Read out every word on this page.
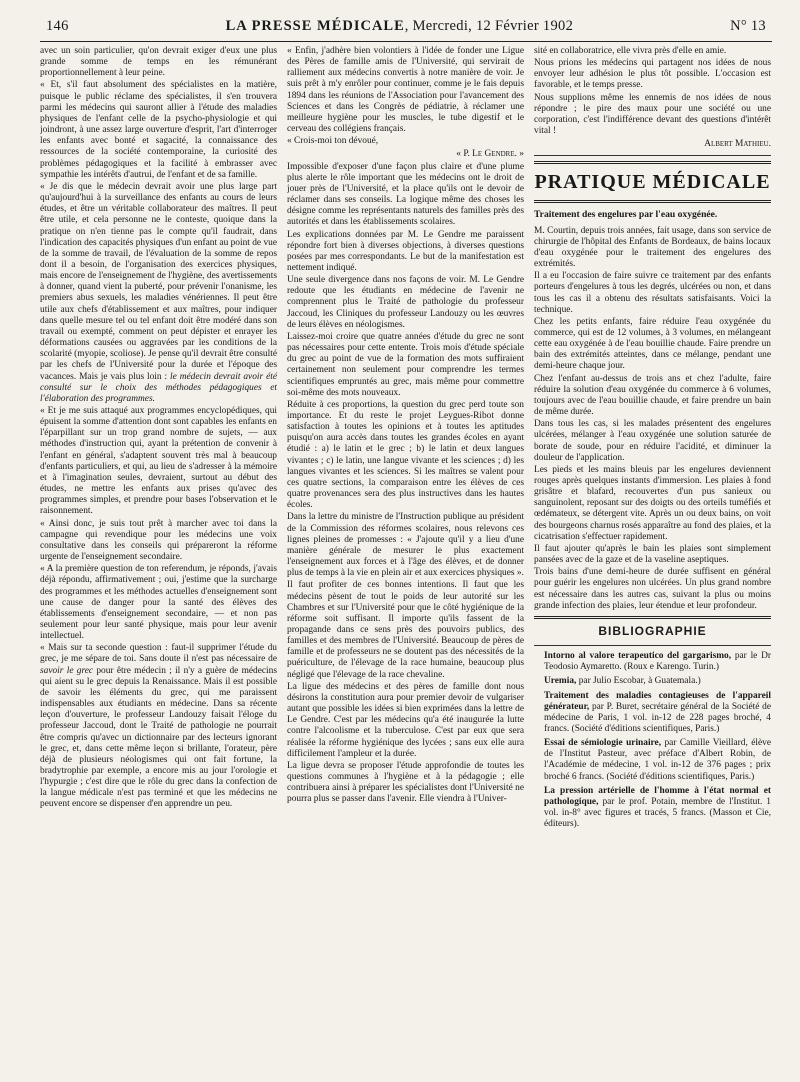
146	LA PRESSE MÉDICALE, Mercredi, 12 Février 1902	N° 13

avec un soin particulier, qu'on devrait exiger d'eux une plus grande somme de temps en les rémunérant proportionnellement à leur peine.

« Et, s'il faut absolument des spécialistes en la matière, puisque le public réclame des spécialistes, il s'en trouvera parmi les médecins qui sauront allier à l'étude des maladies physiques de l'enfant celle de la psycho-physiologie et qui joindront, à une assez large ouverture d'esprit, l'art d'interroger les enfants avec bonté et sagacité, la connaissance des ressources de la société contemporaine, la curiosité des problèmes pédagogiques et la facilité à embrasser avec sympathie les intérêts d'autrui, de l'enfant et de sa famille.

« Je dis que le médecin devrait avoir une plus large part qu'aujourd'hui à la surveillance des enfants au cours de leurs études, et être un véritable collaborateur des maîtres. Il peut être utile, et cela personne ne le conteste, quoique dans la pratique on n'en tienne pas le compte qu'il faudrait, dans l'indication des capacités physiques d'un enfant au point de vue de la somme de travail, de l'évaluation de la somme de repos dont il a besoin, de l'organisation des exercices physiques, mais encore de l'enseignement de l'hygiène, des avertissements à donner, quand vient la puberté, pour prévenir l'onanisme, les premiers abus sexuels, les maladies vénériennes. Il peut être utile aux chefs d'établissement et aux maîtres, pour indiquer dans quelle mesure tel ou tel enfant doit être modéré dans son travail ou exempté, comment on peut dépister et enrayer les déformations causées ou aggravées par les conditions de la scolarité (myopie, scoliose). Je pense qu'il devrait être consulté par les chefs de l'Université pour la durée et l'époque des vacances. Mais je vais plus loin : le médecin devrait avoir été consulté sur le choix des méthodes pédagogiques et l'élaboration des programmes.

« Et je me suis attaqué aux programmes encyclopédiques, qui épuisent la somme d'attention dont sont capables les enfants en l'éparpillant sur un trop grand nombre de sujets, — aux méthodes d'instruction qui, ayant la prétention de convenir à l'enfant en général, s'adaptent souvent très mal à beaucoup d'enfants particuliers, et qui, au lieu de s'adresser à la mémoire et à l'imagination seules, devraient, surtout au début des études, ne mettre les enfants aux prises qu'avec des programmes simples, et prendre pour bases l'observation et le raisonnement.

« Ainsi donc, je suis tout prêt à marcher avec toi dans la campagne qui revendique pour les médecins une voix consultative dans les conseils qui prépareront la réforme urgente de l'enseignement secondaire.

« A la première question de ton referendum, je réponds, j'avais déjà répondu, affirmativement ; oui, j'estime que la surcharge des programmes et les méthodes actuelles d'enseignement sont une cause de danger pour la santé des élèves des établissements d'enseignement secondaire, — et non pas seulement pour leur santé physique, mais pour leur avenir intellectuel.

« Mais sur ta seconde question : faut-il supprimer l'étude du grec, je me sépare de toi. Sans doute il n'est pas nécessaire de savoir le grec pour être médecin ; il n'y a guère de médecins qui aient su le grec depuis la Renaissance. Mais il est possible de savoir les éléments du grec, qui me paraissent indispensables aux étudiants en médecine. Dans sa récente leçon d'ouverture, le professeur Landouzy faisait l'éloge du professeur Jaccoud, dont le Traité de pathologie ne pourrait être compris qu'avec un dictionnaire par des lecteurs ignorant le grec, et, dans cette même leçon si brillante, l'orateur, père déjà de plusieurs néologismes qui ont fait fortune, la bradytrophie par exemple, a encore mis au jour l'orologie et l'hypurgie ; c'est dire que le rôle du grec dans la confection de la langue médicale n'est pas terminé et que les médecins ne peuvent encore se dispenser d'en apprendre un peu.

« Enfin, j'adhère bien volontiers à l'idée de fonder une Ligue des Pères de famille amis de l'Université, qui servirait de ralliement aux médecins convertis à notre manière de voir. Je suis prêt à m'y enrôler pour continuer, comme je le fais depuis 1894 dans les réunions de l'Association pour l'avancement des Sciences et dans les Congrès de pédiatrie, à réclamer une meilleure hygiène pour les muscles, le tube digestif et le cerveau des collégiens français.

« Crois-moi ton dévoué,

« P. Le Gendre. »

Impossible d'exposer d'une façon plus claire et d'une plume plus alerte le rôle important que les médecins ont le droit de jouer près de l'Université, et la place qu'ils ont le devoir de réclamer dans ses conseils. La logique même des choses les désigne comme les représentants naturels des familles près des autorités et dans les établissements scolaires.

Les explications données par M. Le Gendre me paraissent répondre fort bien à diverses objections, à diverses questions posées par mes correspondants. Le but de la manifestation est nettement indiqué.

Une seule divergence dans nos façons de voir. M. Le Gendre redoute que les étudiants en médecine de l'avenir ne comprennent plus le Traité de pathologie du professeur Jaccoud, les Cliniques du professeur Landouzy ou les œuvres de leurs élèves en néologismes.

Laissez-moi croire que quatre années d'étude du grec ne sont pas nécessaires pour cette entente. Trois mois d'étude spéciale du grec au point de vue de la formation des mots suffiraient certainement non seulement pour comprendre les termes scientifiques empruntés au grec, mais même pour commettre soi-même des mots nouveaux.

Réduite à ces proportions, la question du grec perd toute son importance. Et du reste le projet Leygues-Ribot donne satisfaction à toutes les opinions et à toutes les aptitudes puisqu'on aura accès dans toutes les grandes écoles en ayant étudié : a) le latin et le grec ; b) le latin et deux langues vivantes ; c) le latin, une langue vivante et les sciences ; d) les langues vivantes et les sciences. Si les maîtres se valent pour ces quatre sections, la comparaison entre les élèves de ces quatre provenances sera des plus instructives dans les hautes écoles.

Dans la lettre du ministre de l'Instruction publique au président de la Commission des réformes scolaires, nous relevons ces lignes pleines de promesses : « J'ajoute qu'il y a lieu d'une manière générale de mesurer le plus exactement l'enseignement aux forces et à l'âge des élèves, et de donner plus de temps à la vie en plein air et aux exercices physiques ».

Il faut profiter de ces bonnes intentions. Il faut que les médecins pèsent de tout le poids de leur autorité sur les Chambres et sur l'Université pour que le côté hygiénique de la réforme soit suffisant. Il importe qu'ils fassent de la propagande dans ce sens près des pouvoirs publics, des familles et des membres de l'Université. Beaucoup de pères de famille et de professeurs ne se doutent pas des nécessités de la puériculture, de l'élevage de la race humaine, beaucoup plus négligé que l'élevage de la race chevaline.

La ligue des médecins et des pères de famille dont nous désirons la constitution aura pour premier devoir de vulgariser autant que possible les idées si bien exprimées dans la lettre de Le Gendre. C'est par les médecins qu'a été inaugurée la lutte contre l'alcoolisme et la tuberculose. C'est par eux que sera réalisée la réforme hygiénique des lycées ; sans eux elle aura difficilement l'ampleur et la durée.

La ligue devra se proposer l'étude approfondie de toutes les questions communes à l'hygiène et à la pédagogie ; elle contribuera ainsi à préparer les spécialistes dont l'Université ne pourra plus se passer dans l'avenir. Elle viendra à l'Univer-

sité en collaboratrice, elle vivra près d'elle en amie.

Nous prions les médecins qui partagent nos idées de nous envoyer leur adhésion le plus tôt possible. L'occasion est favorable, et le temps presse.

Nous supplions même les ennemis de nos idées de nous répondre ; le pire des maux pour une société ou une corporation, c'est l'indifférence devant des questions d'intérêt vital !

Albert Mathieu.

PRATIQUE MÉDICALE

Traitement des engelures par l'eau oxygénée.

M. Courtin, depuis trois années, fait usage, dans son service de chirurgie de l'hôpital des Enfants de Bordeaux, de bains locaux d'eau oxygénée pour le traitement des engelures des extrémités.

Il a eu l'occasion de faire suivre ce traitement par des enfants porteurs d'engelures à tous les degrés, ulcérées ou non, et dans tous les cas il a obtenu des résultats satisfaisants. Voici la technique.

Chez les petits enfants, faire réduire l'eau oxygénée du commerce, qui est de 12 volumes, à 3 volumes, en mélangeant cette eau oxygénée à de l'eau bouillie chaude. Faire prendre un bain des extrémités atteintes, dans ce mélange, pendant une demi-heure chaque jour.

Chez l'enfant au-dessus de trois ans et chez l'adulte, faire réduire la solution d'eau oxygénée du commerce à 6 volumes, toujours avec de l'eau bouillie chaude, et faire prendre un bain de même durée.

Dans tous les cas, si les malades présentent des engelures ulcérées, mélanger à l'eau oxygénée une solution saturée de borate de soude, pour en réduire l'acidité, et diminuer la douleur de l'application.

Les pieds et les mains bleuis par les engelures deviennent rouges après quelques instants d'immersion. Les plaies à fond grisâtre et blafard, recouvertes d'un pus sanieux ou sanguinolent, reposant sur des doigts ou des orteils tuméfiés et œdémateux, se détergent vite. Après un ou deux bains, on voit des bourgeons charnus rosés apparaître au fond des plaies, et la cicatrisation s'effectuer rapidement.

Il faut ajouter qu'après le bain les plaies sont simplement pansées avec de la gaze et de la vaseline aseptiques.

Trois bains d'une demi-heure de durée suffisent en général pour guérir les engelures non ulcérées. Un plus grand nombre est nécessaire dans les autres cas, suivant la plus ou moins grande infection des plaies, leur étendue et leur profondeur.

BIBLIOGRAPHIE

Intorno al valore terapeutico del gargarismo, par le Dr Teodosio Aymaretto. (Roux e Karengo. Turin.)

Uremia, par Julio Escobar, à Guatemala.)

Traitement des maladies contagieuses de l'appareil générateur, par P. Buret, secrétaire général de la Société de médecine de Paris, 1 vol. in-12 de 228 pages broché, 4 francs. (Société d'éditions scientifiques, Paris.)

Essai de sémiologie urinaire, par Camille Vieillard, élève de l'Institut Pasteur, avec préface d'Albert Robin, de l'Académie de médecine, 1 vol. in-12 de 376 pages ; prix broché 6 francs. (Société d'éditions scientifiques, Paris.)

La pression artérielle de l'homme à l'état normal et pathologique, par le prof. Potain, membre de l'Institut. 1 vol. in-8° avec figures et tracés, 5 francs. (Masson et Cie, éditeurs).
